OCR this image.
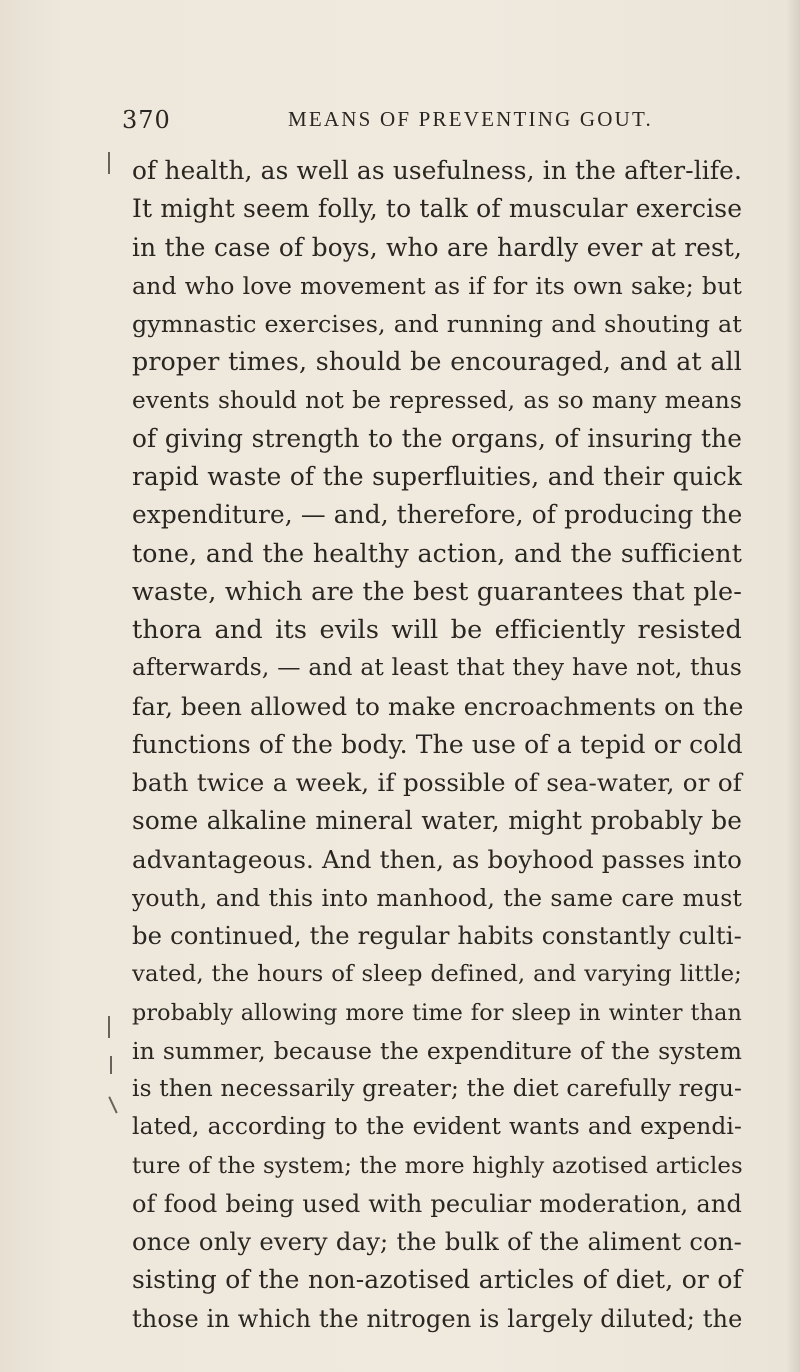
370	MEANS OF PREVENTING GOUT.
of health, as well as usefulness, in the after-life.
It might seem folly, to talk of muscular exercise
in the case of boys, who are hardly ever at rest,
and who love movement as if for its own sake; but
gymnastic exercises, and running and shouting at
proper times, should be encouraged, and at all
events should not be repressed, as so many means
of giving strength to the organs, of insuring the
rapid waste of the superfluities, and their quick
expenditure, — and, therefore, of producing the
tone, and the healthy action, and the sufficient
waste, which are the best guarantees that ple-
thora and its evils will be efficiently resisted
afterwards, — and at least that they have not, thus
far, been allowed to make encroachments on the
functions of the body. The use of a tepid or cold
bath twice a week, if possible of sea-water, or of
some alkaline mineral water, might probably be
advantageous. And then, as boyhood passes into
youth, and this into manhood, the same care must
be continued, the regular habits constantly culti-
vated, the hours of sleep defined, and varying little;
probably allowing more time for sleep in winter than
in summer, because the expenditure of the system
is then necessarily greater; the diet carefully regu-
lated, according to the evident wants and expendi-
ture of the system; the more highly azotised articles
of food being used with peculiar moderation, and
once only every day; the bulk of the aliment con-
sisting of the non-azotised articles of diet, or of
those in which the nitrogen is largely diluted; the
